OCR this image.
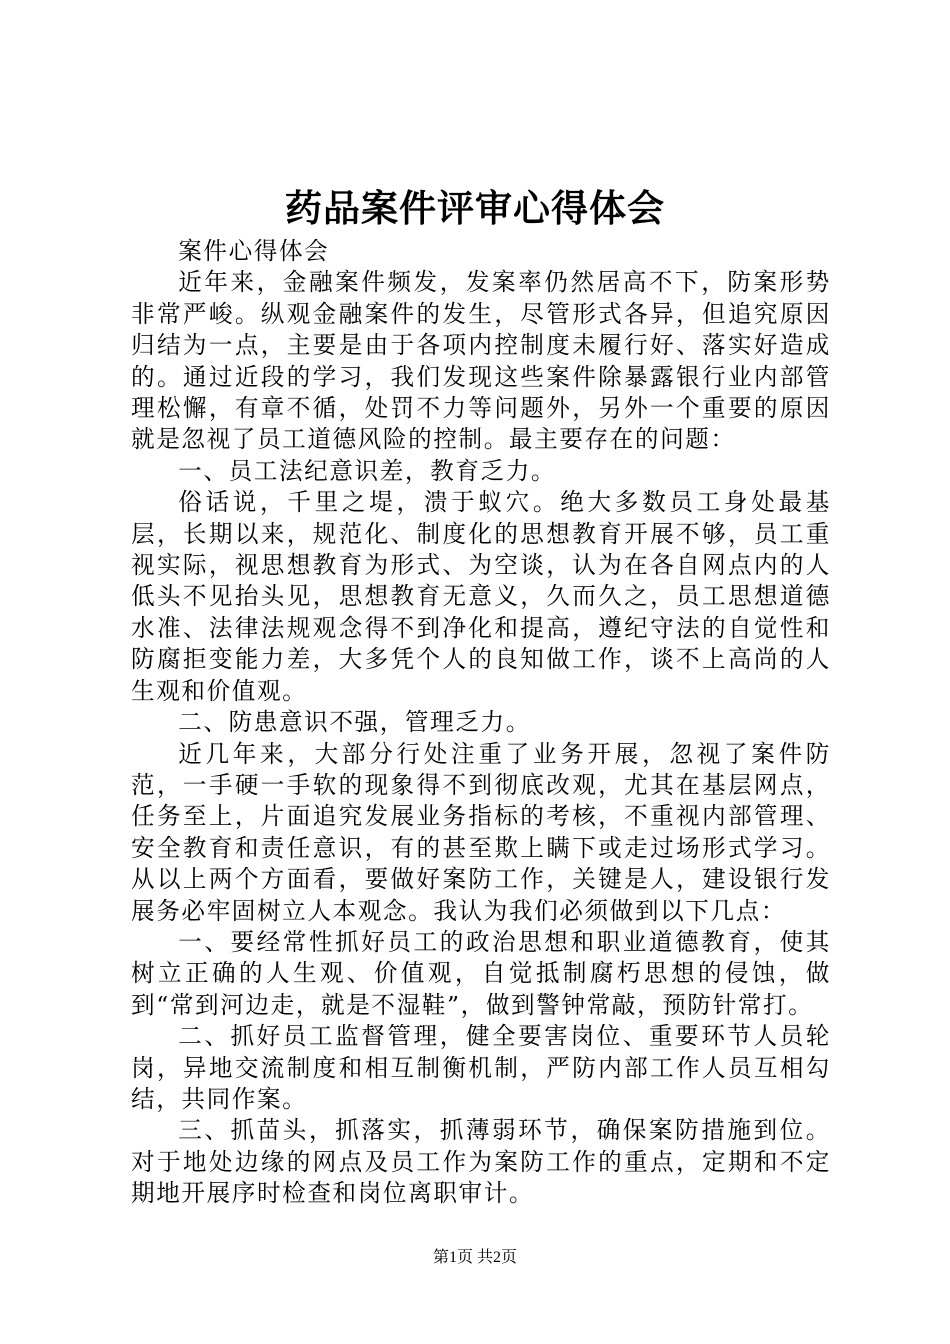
药品案件评审心得体会

案件心得体会

近年来，金融案件频发，发案率仍然居高不下，防案形势非常严峻。纵观金融案件的发生，尽管形式各异，但追究原因归结为一点，主要是由于各项内控制度未履行好、落实好造成的。通过近段的学习，我们发现这些案件除暴露银行业内部管理松懈，有章不循，处罚不力等问题外，另外一个重要的原因就是忽视了员工道德风险的控制。最主要存在的问题：

一、员工法纪意识差，教育乏力。

俗话说，千里之堤，溃于蚁穴。绝大多数员工身处最基层，长期以来，规范化、制度化的思想教育开展不够，员工重视实际，视思想教育为形式、为空谈，认为在各自网点内的人低头不见抬头见，思想教育无意义，久而久之，员工思想道德水准、法律法规观念得不到净化和提高，遵纪守法的自觉性和防腐拒变能力差，大多凭个人的良知做工作，谈不上高尚的人生观和价值观。

二、防患意识不强，管理乏力。

近几年来，大部分行处注重了业务开展，忽视了案件防范，一手硬一手软的现象得不到彻底改观，尤其在基层网点，任务至上，片面追究发展业务指标的考核，不重视内部管理、安全教育和责任意识，有的甚至欺上瞒下或走过场形式学习。从以上两个方面看，要做好案防工作，关键是人，建设银行发展务必牢固树立人本观念。我认为我们必须做到以下几点：

一、要经常性抓好员工的政治思想和职业道德教育，使其树立正确的人生观、价值观，自觉抵制腐朽思想的侵蚀，做到“常到河边走，就是不湿鞋”，做到警钟常敲，预防针常打。

二、抓好员工监督管理，健全要害岗位、重要环节人员轮岗，异地交流制度和相互制衡机制，严防内部工作人员互相勾结，共同作案。

三、抓苗头，抓落实，抓薄弱环节，确保案防措施到位。对于地处边缘的网点及员工作为案防工作的重点，定期和不定期地开展序时检查和岗位离职审计。

第1页 共2页
